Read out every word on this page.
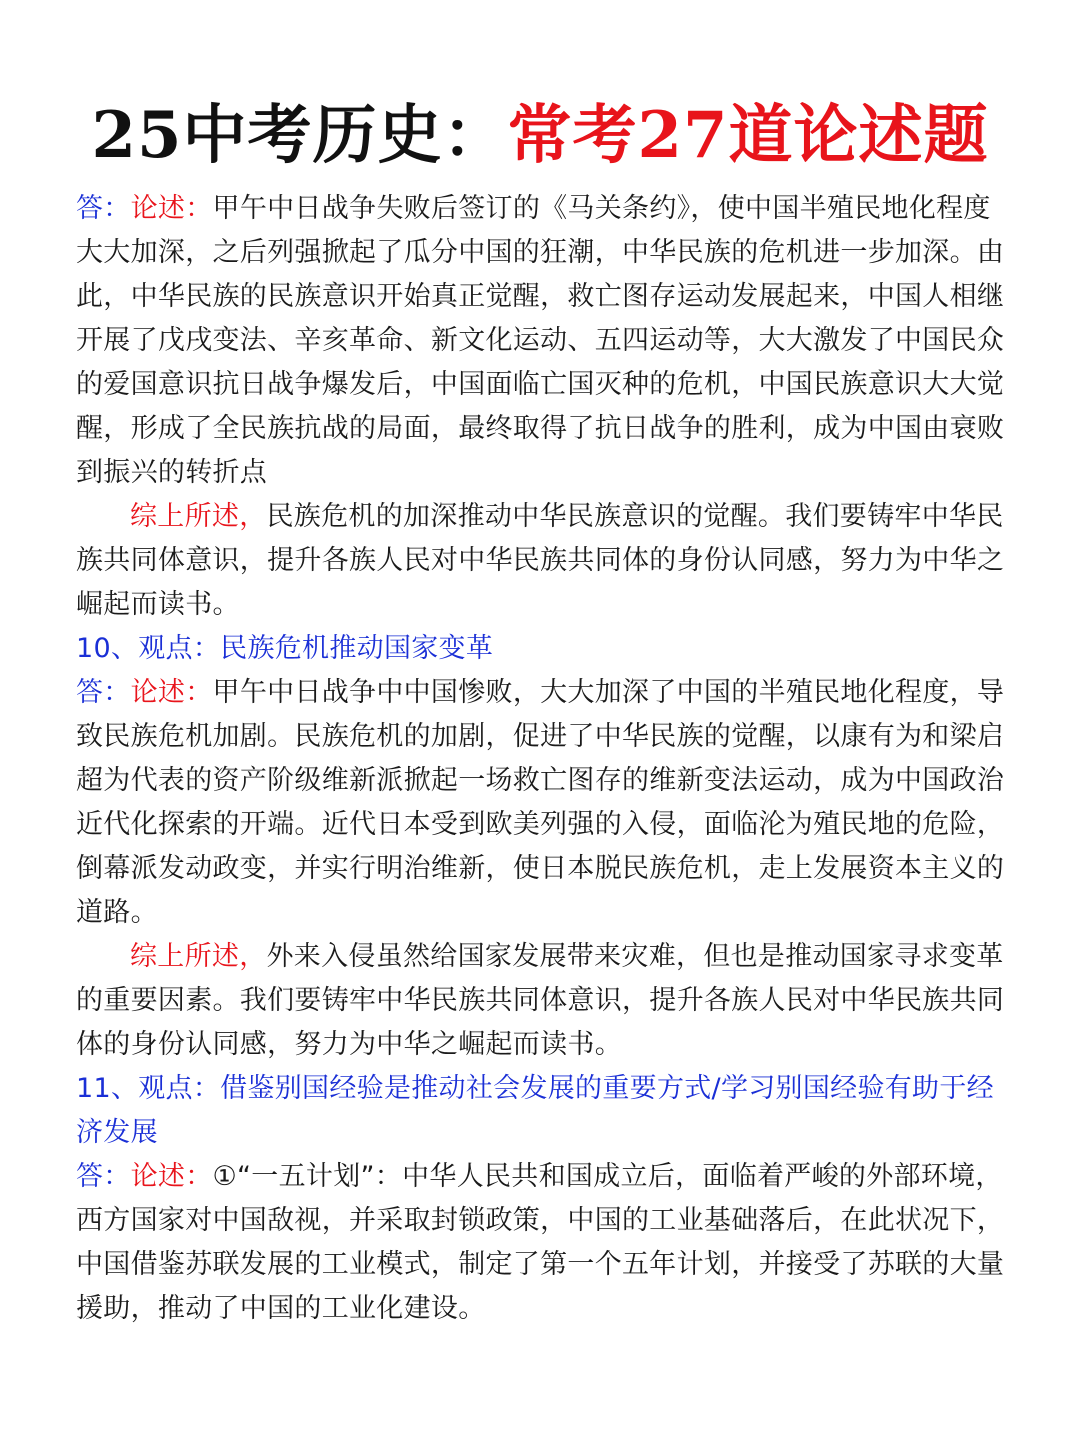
25中考历史：常考27道论述题

答：论述：甲午中日战争失败后签订的《马关条约》，使中国半殖民地化程度大大加深，之后列强掀起了瓜分中国的狂潮，中华民族的危机进一步加深。由此，中华民族的民族意识开始真正觉醒，救亡图存运动发展起来，中国人相继开展了戊戌变法、辛亥革命、新文化运动、五四运动等，大大激发了中国民众的爱国意识抗日战争爆发后，中国面临亡国灭种的危机，中国民族意识大大觉醒，形成了全民族抗战的局面，最终取得了抗日战争的胜利，成为中国由衰败到振兴的转折点

综上所述，民族危机的加深推动中华民族意识的觉醒。我们要铸牢中华民族共同体意识，提升各族人民对中华民族共同体的身份认同感，努力为中华之崛起而读书。

10、观点：民族危机推动国家变革

答：论述：甲午中日战争中中国惨败，大大加深了中国的半殖民地化程度，导致民族危机加剧。民族危机的加剧，促进了中华民族的觉醒，以康有为和梁启超为代表的资产阶级维新派掀起一场救亡图存的维新变法运动，成为中国政治近代化探索的开端。近代日本受到欧美列强的入侵，面临沦为殖民地的危险，倒幕派发动政变，并实行明治维新，使日本脱民族危机，走上发展资本主义的道路。

综上所述，外来入侵虽然给国家发展带来灾难，但也是推动国家寻求变革的重要因素。我们要铸牢中华民族共同体意识，提升各族人民对中华民族共同体的身份认同感，努力为中华之崛起而读书。

11、观点：借鉴别国经验是推动社会发展的重要方式/学习别国经验有助于经济发展

答：论述：①“一五计划”：中华人民共和国成立后，面临着严峻的外部环境，西方国家对中国敌视，并采取封锁政策，中国的工业基础落后，在此状况下，中国借鉴苏联发展的工业模式，制定了第一个五年计划，并接受了苏联的大量援助，推动了中国的工业化建设。
